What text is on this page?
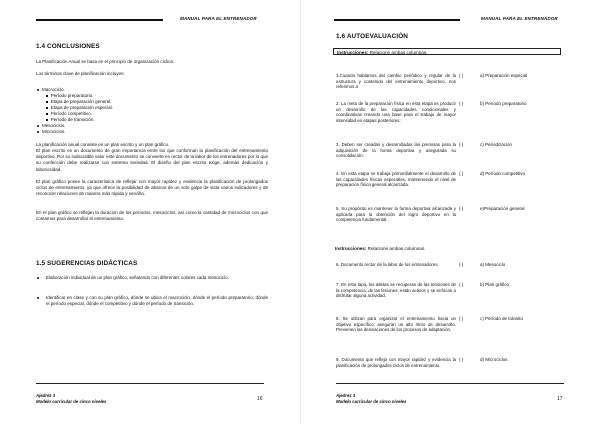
MANUAL PARA EL ENTRENADOR
1.4 CONCLUSIONES
La Planificación Anual se basa en el principio de organización cíclica.
Los términos clave de planificación incluyen:
Macrociclo.
Período preparatorio.
Etapa de preparación general.
Etapa de preparación especial.
Período competitivo.
Período de transición.
Mesociclos.
Microciclos.
La planificación anual consiste en un plan escrito y un plan gráfico.
El plan escrito es un documento de gran importancia entre los que conforman la planificación del entrenamiento deportivo. Por su indiscutible valor este documento se convierte en rector de la labor de los entrenadores por lo que su confección debe realizarse con extrema seriedad. El diseño del plan escrito exige, además dedicación y laboriosidad.
El plan gráfico posee la característica de reflejar con mayor rapidez y evidencia la planificación de prolongados ciclos de entrenamiento, ya que ofrece la posibilidad de abarcar de un solo golpe de vista varios indicadores y de reconocer relaciones de manera más rápida y sencilla.
En el plan gráfico se reflejan la duración de los períodos, mesociclos, así como la cantidad de microciclos con que contamos para desarrollar el entrenamiento.
1.5 SUGERENCIAS DIDÁCTICAS
Elaboración individual de un plan gráfico, señalando con diferentes colores cada mesociclo.
Identificar en clase y con su plan gráfico, dónde se ubica el macrociclo, dónde el período preparatorio, dónde el período especial, dónde el competitivo y dónde el período de transición.
Ajedrez 3
Modelo curricular de cinco niveles	16
MANUAL PARA EL ENTRENADOR
1.6 AUTOEVALUACIÓN
Instrucciones: Relacione ambas columnas.
1.Cuando hablamos del cambio periódico y regular de la estructura y contenido del entrenamiento deportivo, nos referimos a
( )	a) Preparación especial
2. La meta de la preparación física en esta etapa es producir un desarrollo de las capacidades condicionales y coordinativas creando una base para el trabajo de mayor intensidad en etapas posteriores:
( )	b) Período preparatorio
3. Deben ser creadas y desarrolladas las premisas para la adquisición de la forma deportiva y asegurada su consolidación.
( )	c) Periodización
4. En esta etapa se trabaja primordialmente el desarrollo de las capacidades físicas especiales, manteniendo el nivel de preparación física general alcanzada.
( )	d) Período competitivo
5. Su propósito es mantener la forma deportiva alcanzada y aplicarla para la obtención del logro deportivo en la competencia fundamental.
( )	e)Preparación general
Instrucciones: Relacione ambas columnas.
6. Documento rector de la labor de los entrenadores.	( )	a) Mesociclo
7. En esta tapa, los atletas se recuperan de las tensiones de la competencia, de las lesiones, están activos y se enfocan a disfrutar alguna actividad.
( )	b) Plan gráfico
8. Se utilizan para organizar el entrenamiento hacia un objetivo específico; aseguran un alto ritmo de desarrollo. Previenen las desviaciones de los procesos de adaptación.
( )	c) Período de tránsito
9. Documento que refleja con mayor rapidez y evidencia la planificación de prolongados ciclos de entrenamiento.
( )	d) Microciclos
Ajedrez 3
Modelo curricular de cinco niveles	17
